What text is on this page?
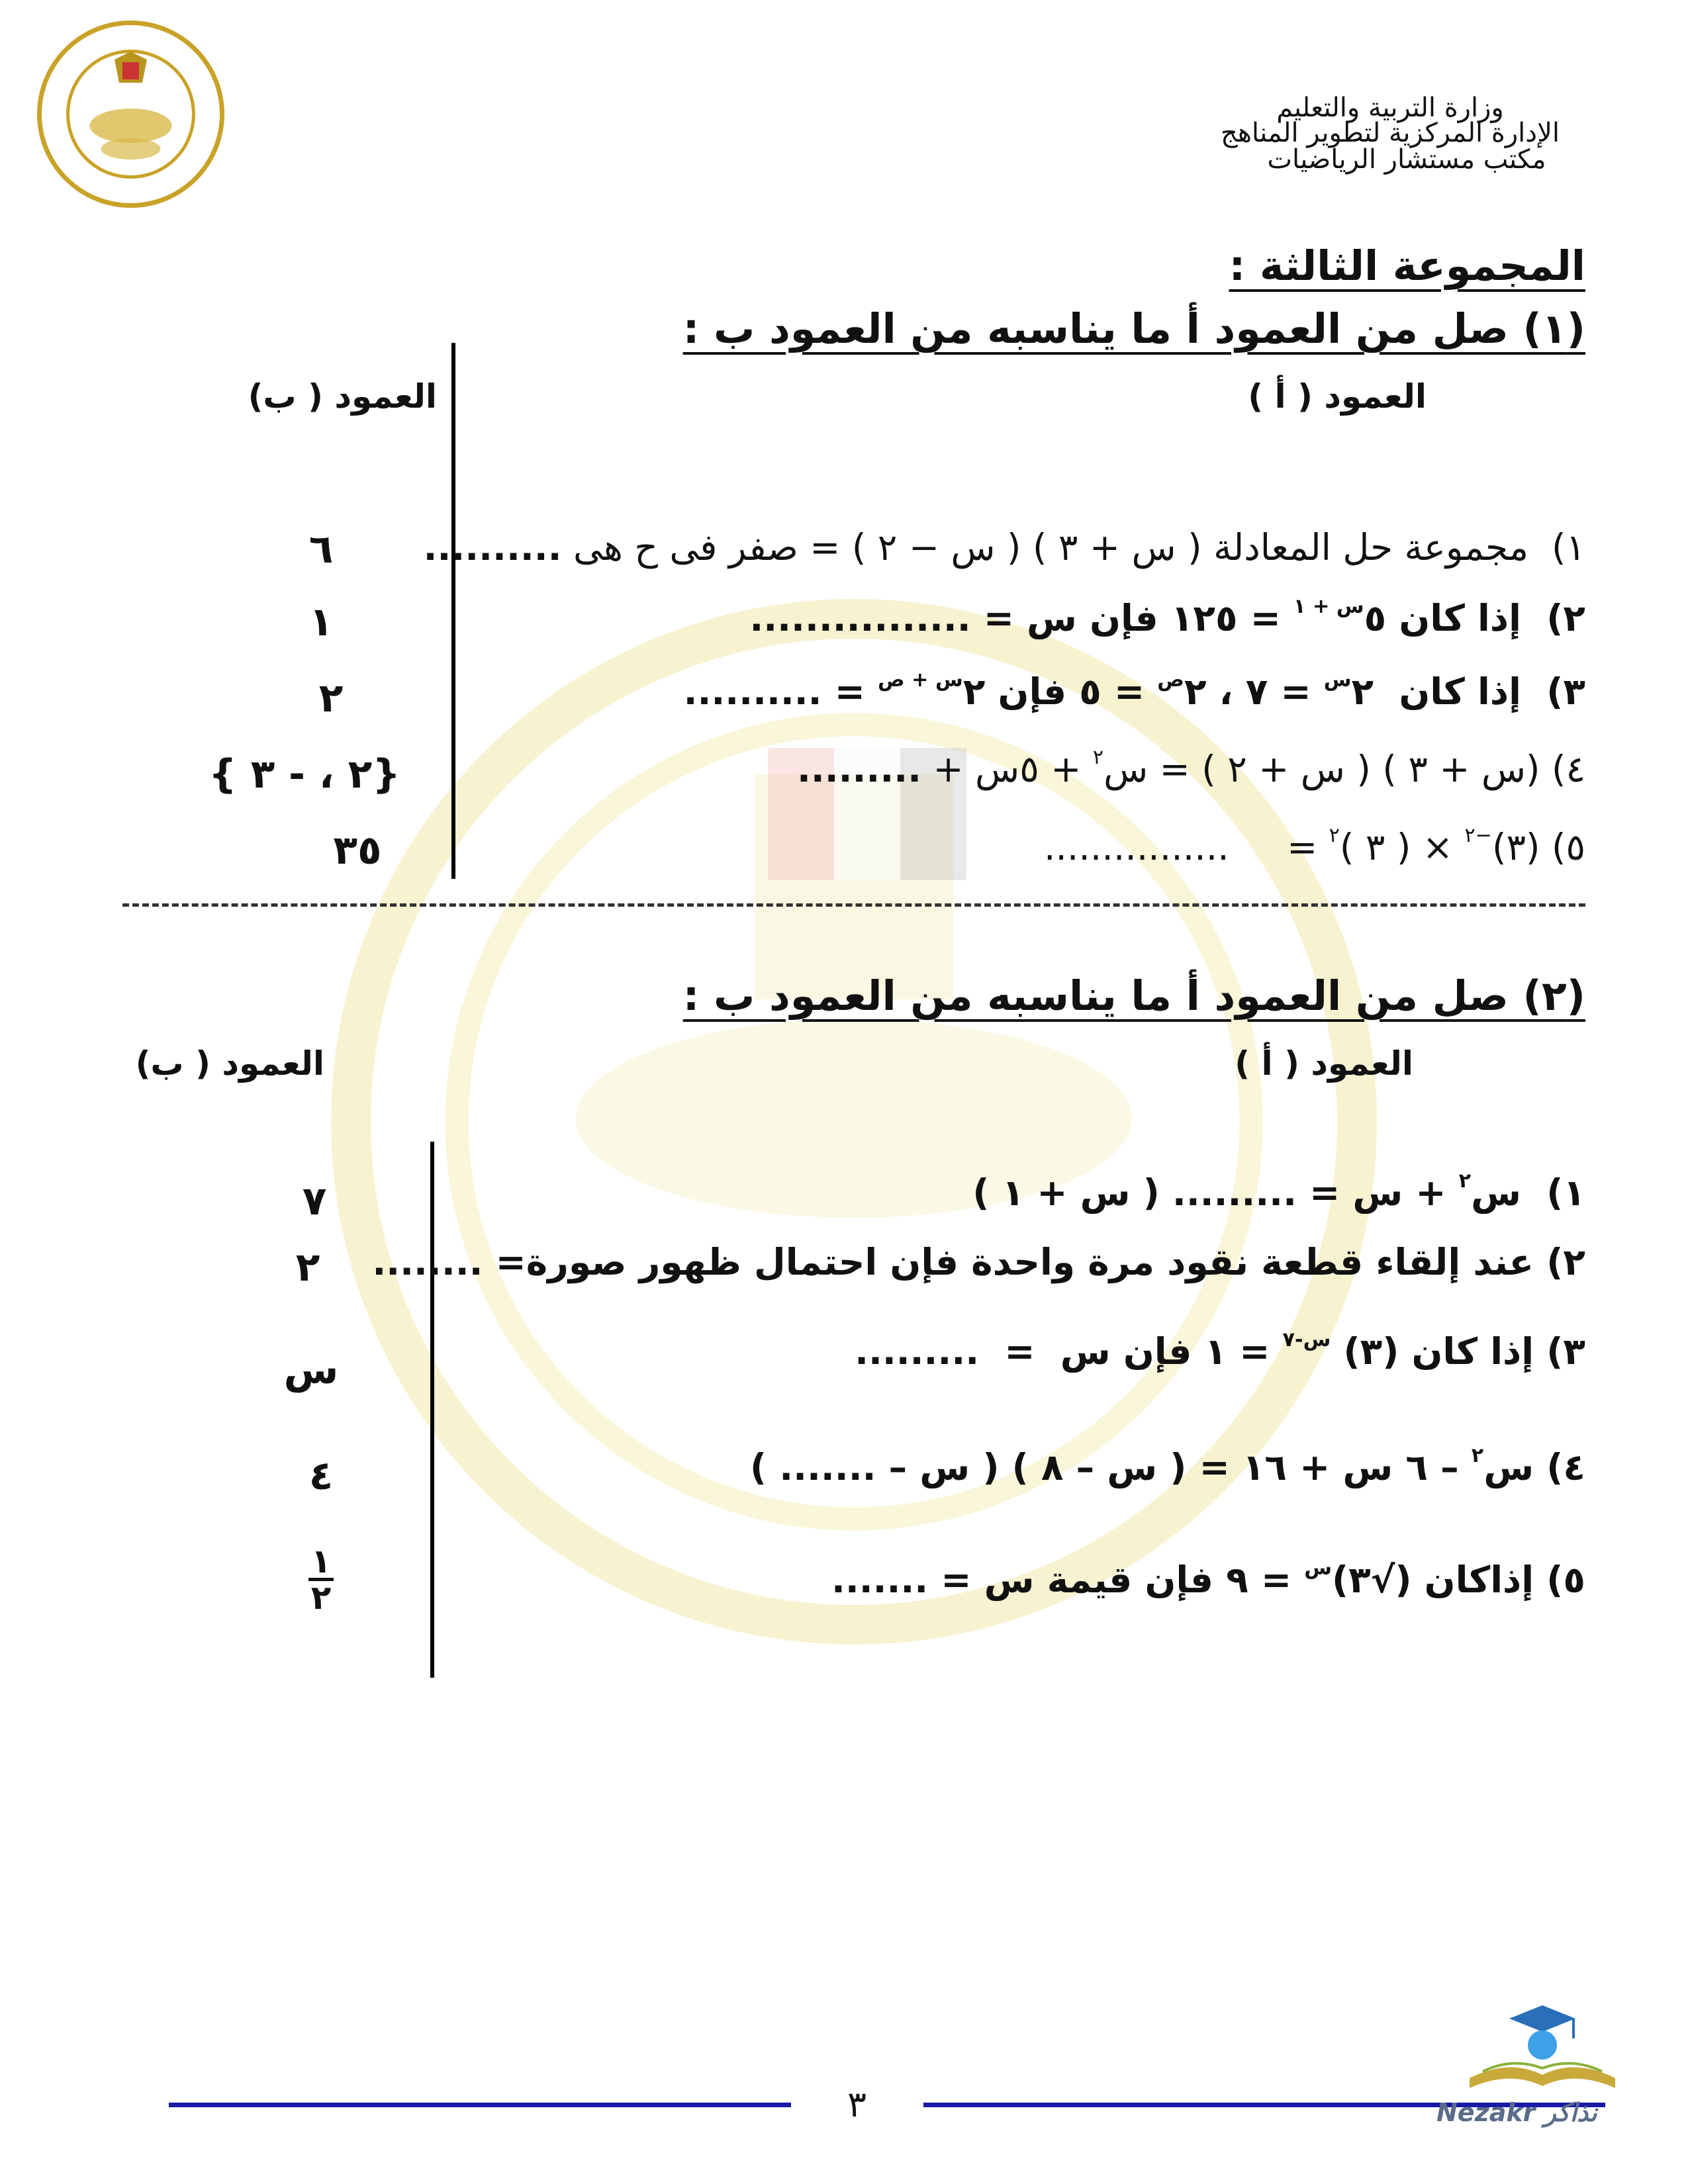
وزارة التربية والتعليم
الإدارة المركزية لتطوير المناهج
مكتب مستشار الرياضيات
المجموعة الثالثة :
(١) صل من العمود أ ما يناسبه من العمود ب :
العمود ( أ )
العمود ( ب)
١)  مجموعة حل المعادلة ( س + ٣ ) ( س − ٢ ) = صفر فى ح هى ..........
٢)  إذا كان $٥^{س + ١}$ = ١٢٥ فإن س = ................
٣)  إذا كان  $٢^س$ = ٧ ، $٢^ص$ = ٥ فإن $٢^{س + ص}$ = ..........
٤) (س + ٣ ) ( س + ٢ ) = س$^٢$ + ٥س + .........
٥) (٣)$^{-٢}$ × ( ٣ )$^٢$ =     ................
٦
١
٢
{٢ ، - ٣ }
٣٥
(٢) صل من العمود أ ما يناسبه من العمود ب :
العمود ( أ )
العمود ( ب)
١)  س$^٢$ + س = ......... ( س + ١ )
٢) عند إلقاء قطعة نقود مرة واحدة فإن احتمال ظهور صورة= ........
٣) إذا كان (٣) $^{س-٧}$ = ١ فإن س  =  .........
٤) س$^٢$ – ٦ س + ١٦ = ( س – ٨ ) ( س – ....... )
٥) إذاكان (√٣)$^س$ = ٩ فإن قيمة س = .......
٧
٢
س
٤
$\frac{١}{٢}$
٣	Nezakr نذاكر
